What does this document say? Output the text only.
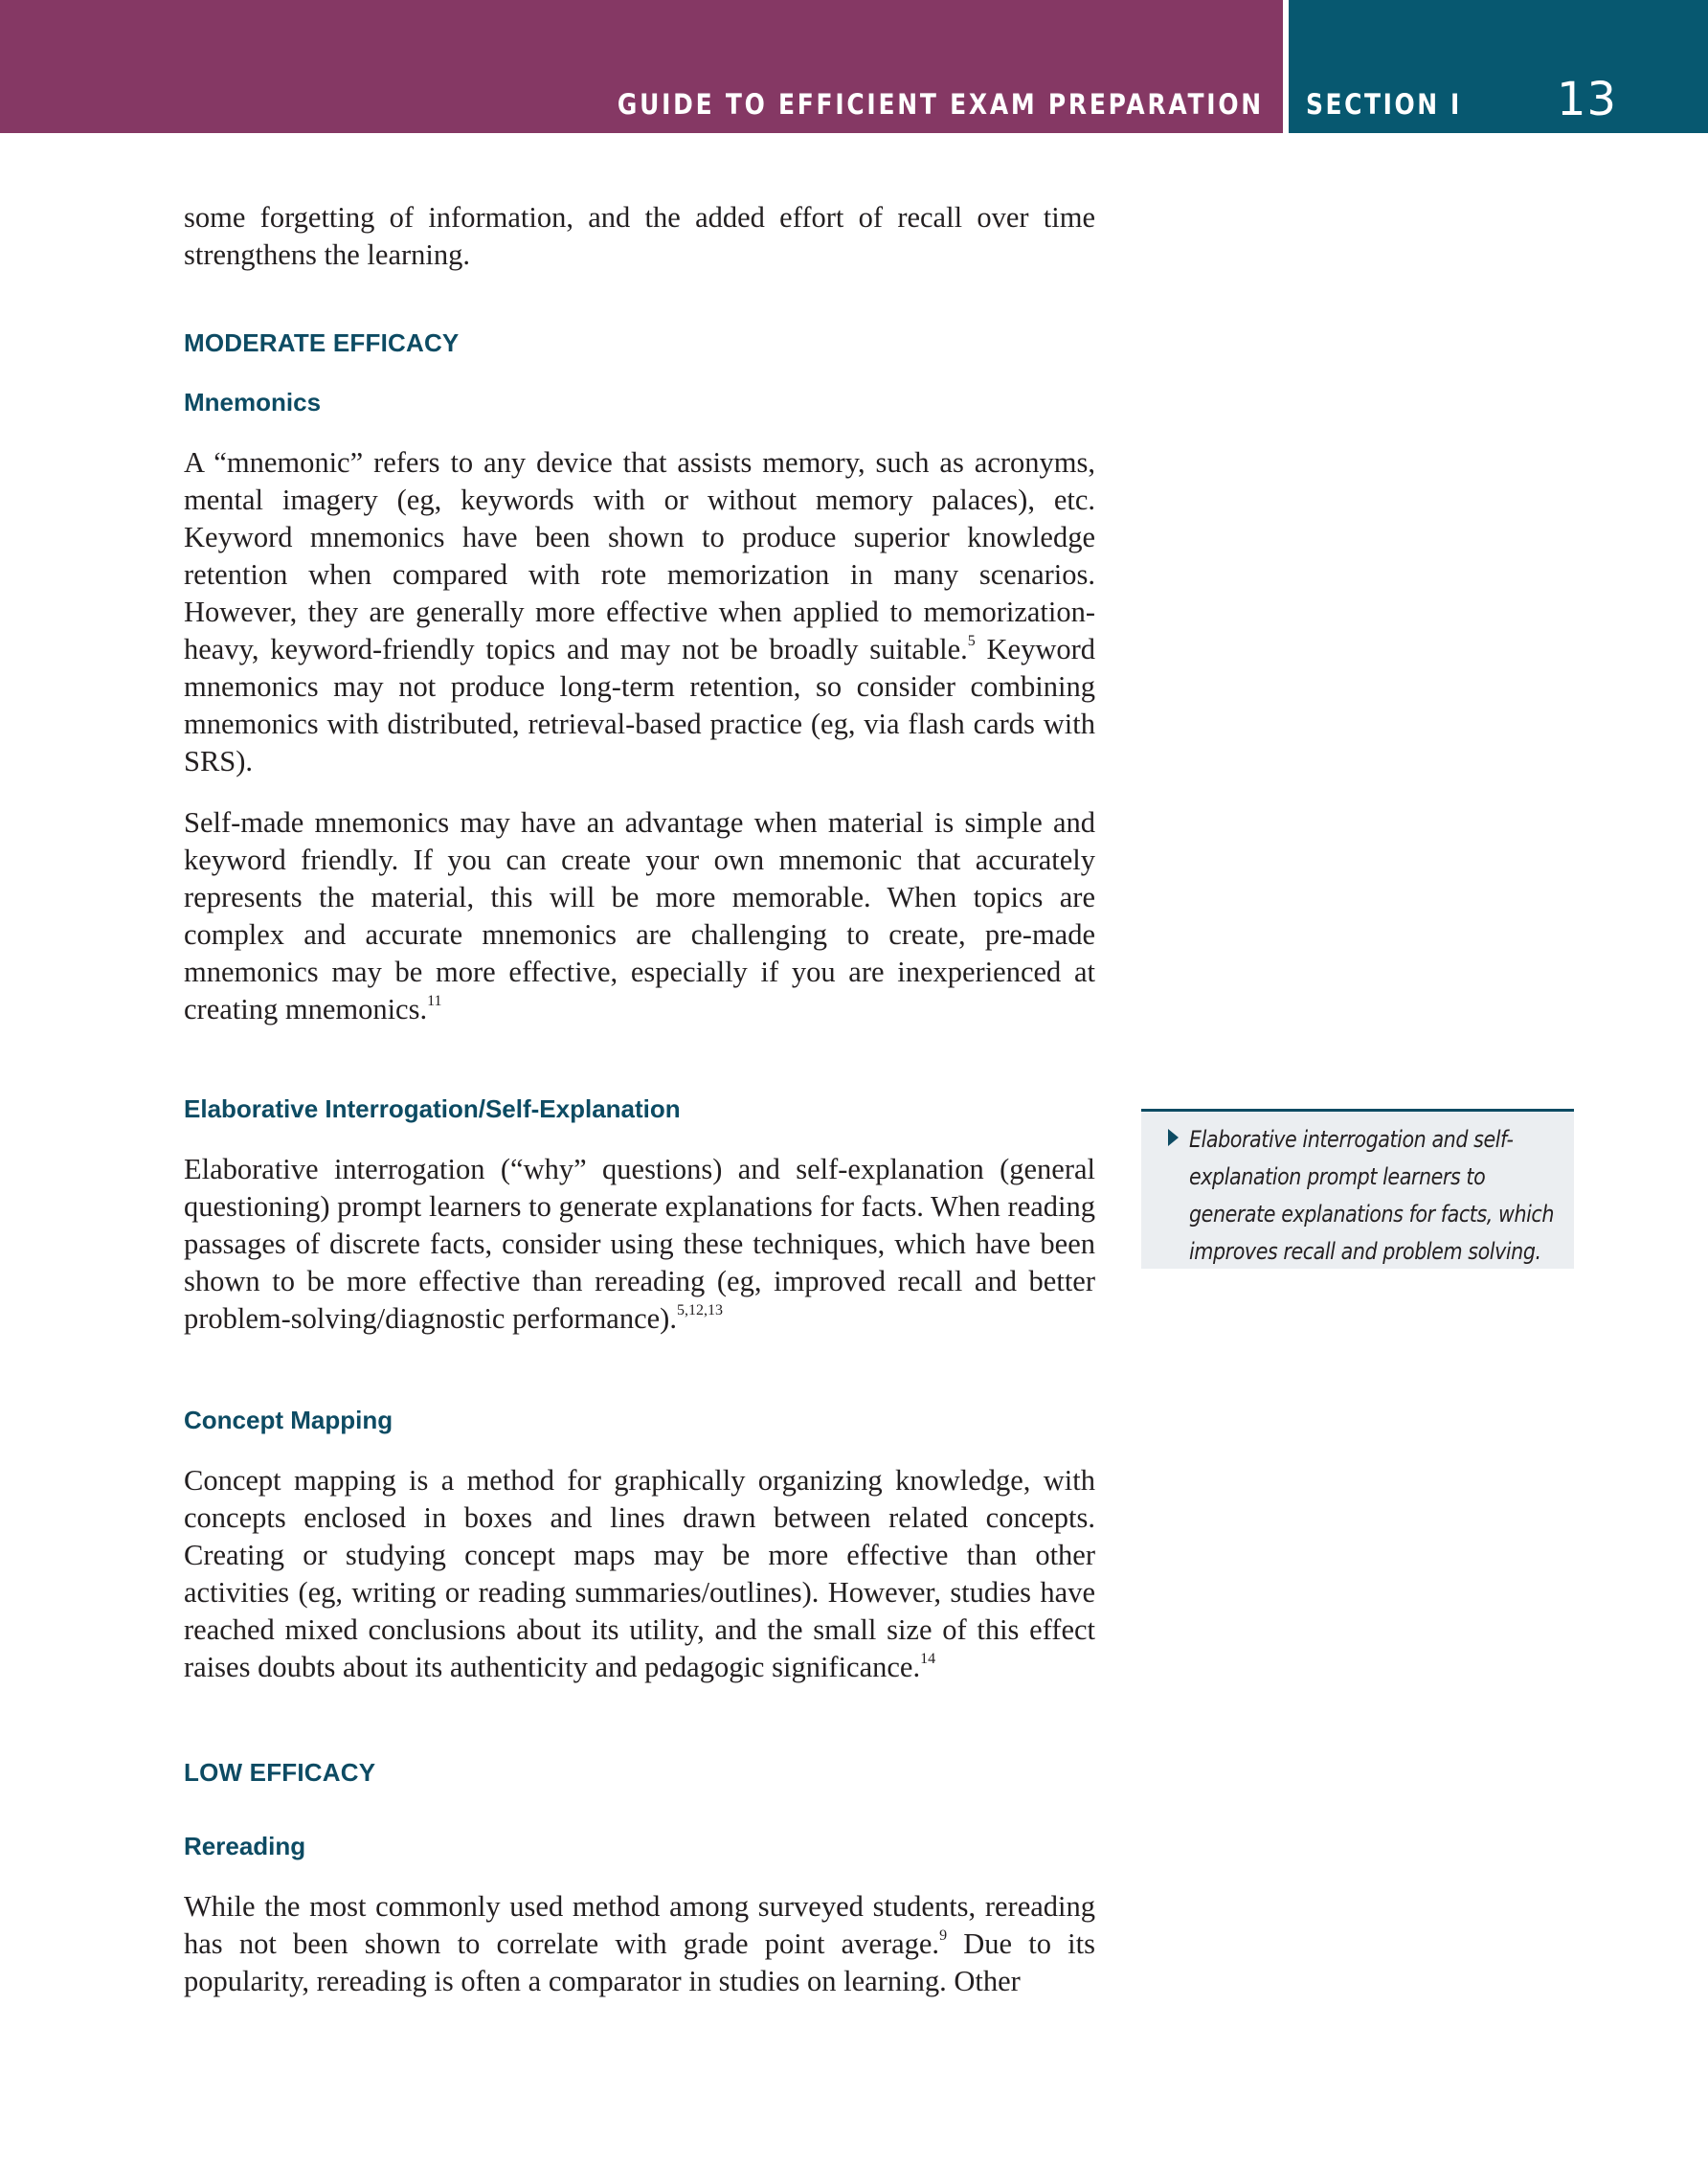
GUIDE TO EFFICIENT EXAM PREPARATION SECTION I 13

some forgetting of information, and the added effort of recall over time strengthens the learning.

MODERATE EFFICACY
Mnemonics

A “mnemonic” refers to any device that assists memory, such as acronyms, mental imagery (eg, keywords with or without memory palaces), etc. Keyword mnemonics have been shown to produce superior knowledge retention when compared with rote memorization in many scenarios. However, they are generally more effective when applied to memorization-heavy, keyword-friendly topics and may not be broadly suitable.$^5$ Keyword mnemonics may not produce long-term retention, so consider combining mnemonics with distributed, retrieval-based practice (eg, via flash cards with SRS).

Self-made mnemonics may have an advantage when material is simple and keyword friendly. If you can create your own mnemonic that accurately represents the material, this will be more memorable. When topics are complex and accurate mnemonics are challenging to create, pre-made mnemonics may be more effective, especially if you are inexperienced at creating mnemonics.$^{11}$

Elaborative Interrogation/Self-Explanation

Elaborative interrogation (“why” questions) and self-explanation (general questioning) prompt learners to generate explanations for facts. When reading passages of discrete facts, consider using these techniques, which have been shown to be more effective than rereading (eg, improved recall and better problem-solving/diagnostic performance).$^{5,12,13}$

Concept Mapping

Concept mapping is a method for graphically organizing knowledge, with concepts enclosed in boxes and lines drawn between related concepts. Creating or studying concept maps may be more effective than other activities (eg, writing or reading summaries/outlines). However, studies have reached mixed conclusions about its utility, and the small size of this effect raises doubts about its authenticity and pedagogic significance.$^{14}$

LOW EFFICACY
Rereading

While the most commonly used method among surveyed students, rereading has not been shown to correlate with grade point average.$^9$ Due to its popularity, rereading is often a comparator in studies on learning. Other

Elaborative interrogation and self-explanation prompt learners to generate explanations for facts, which improves recall and problem solving.
